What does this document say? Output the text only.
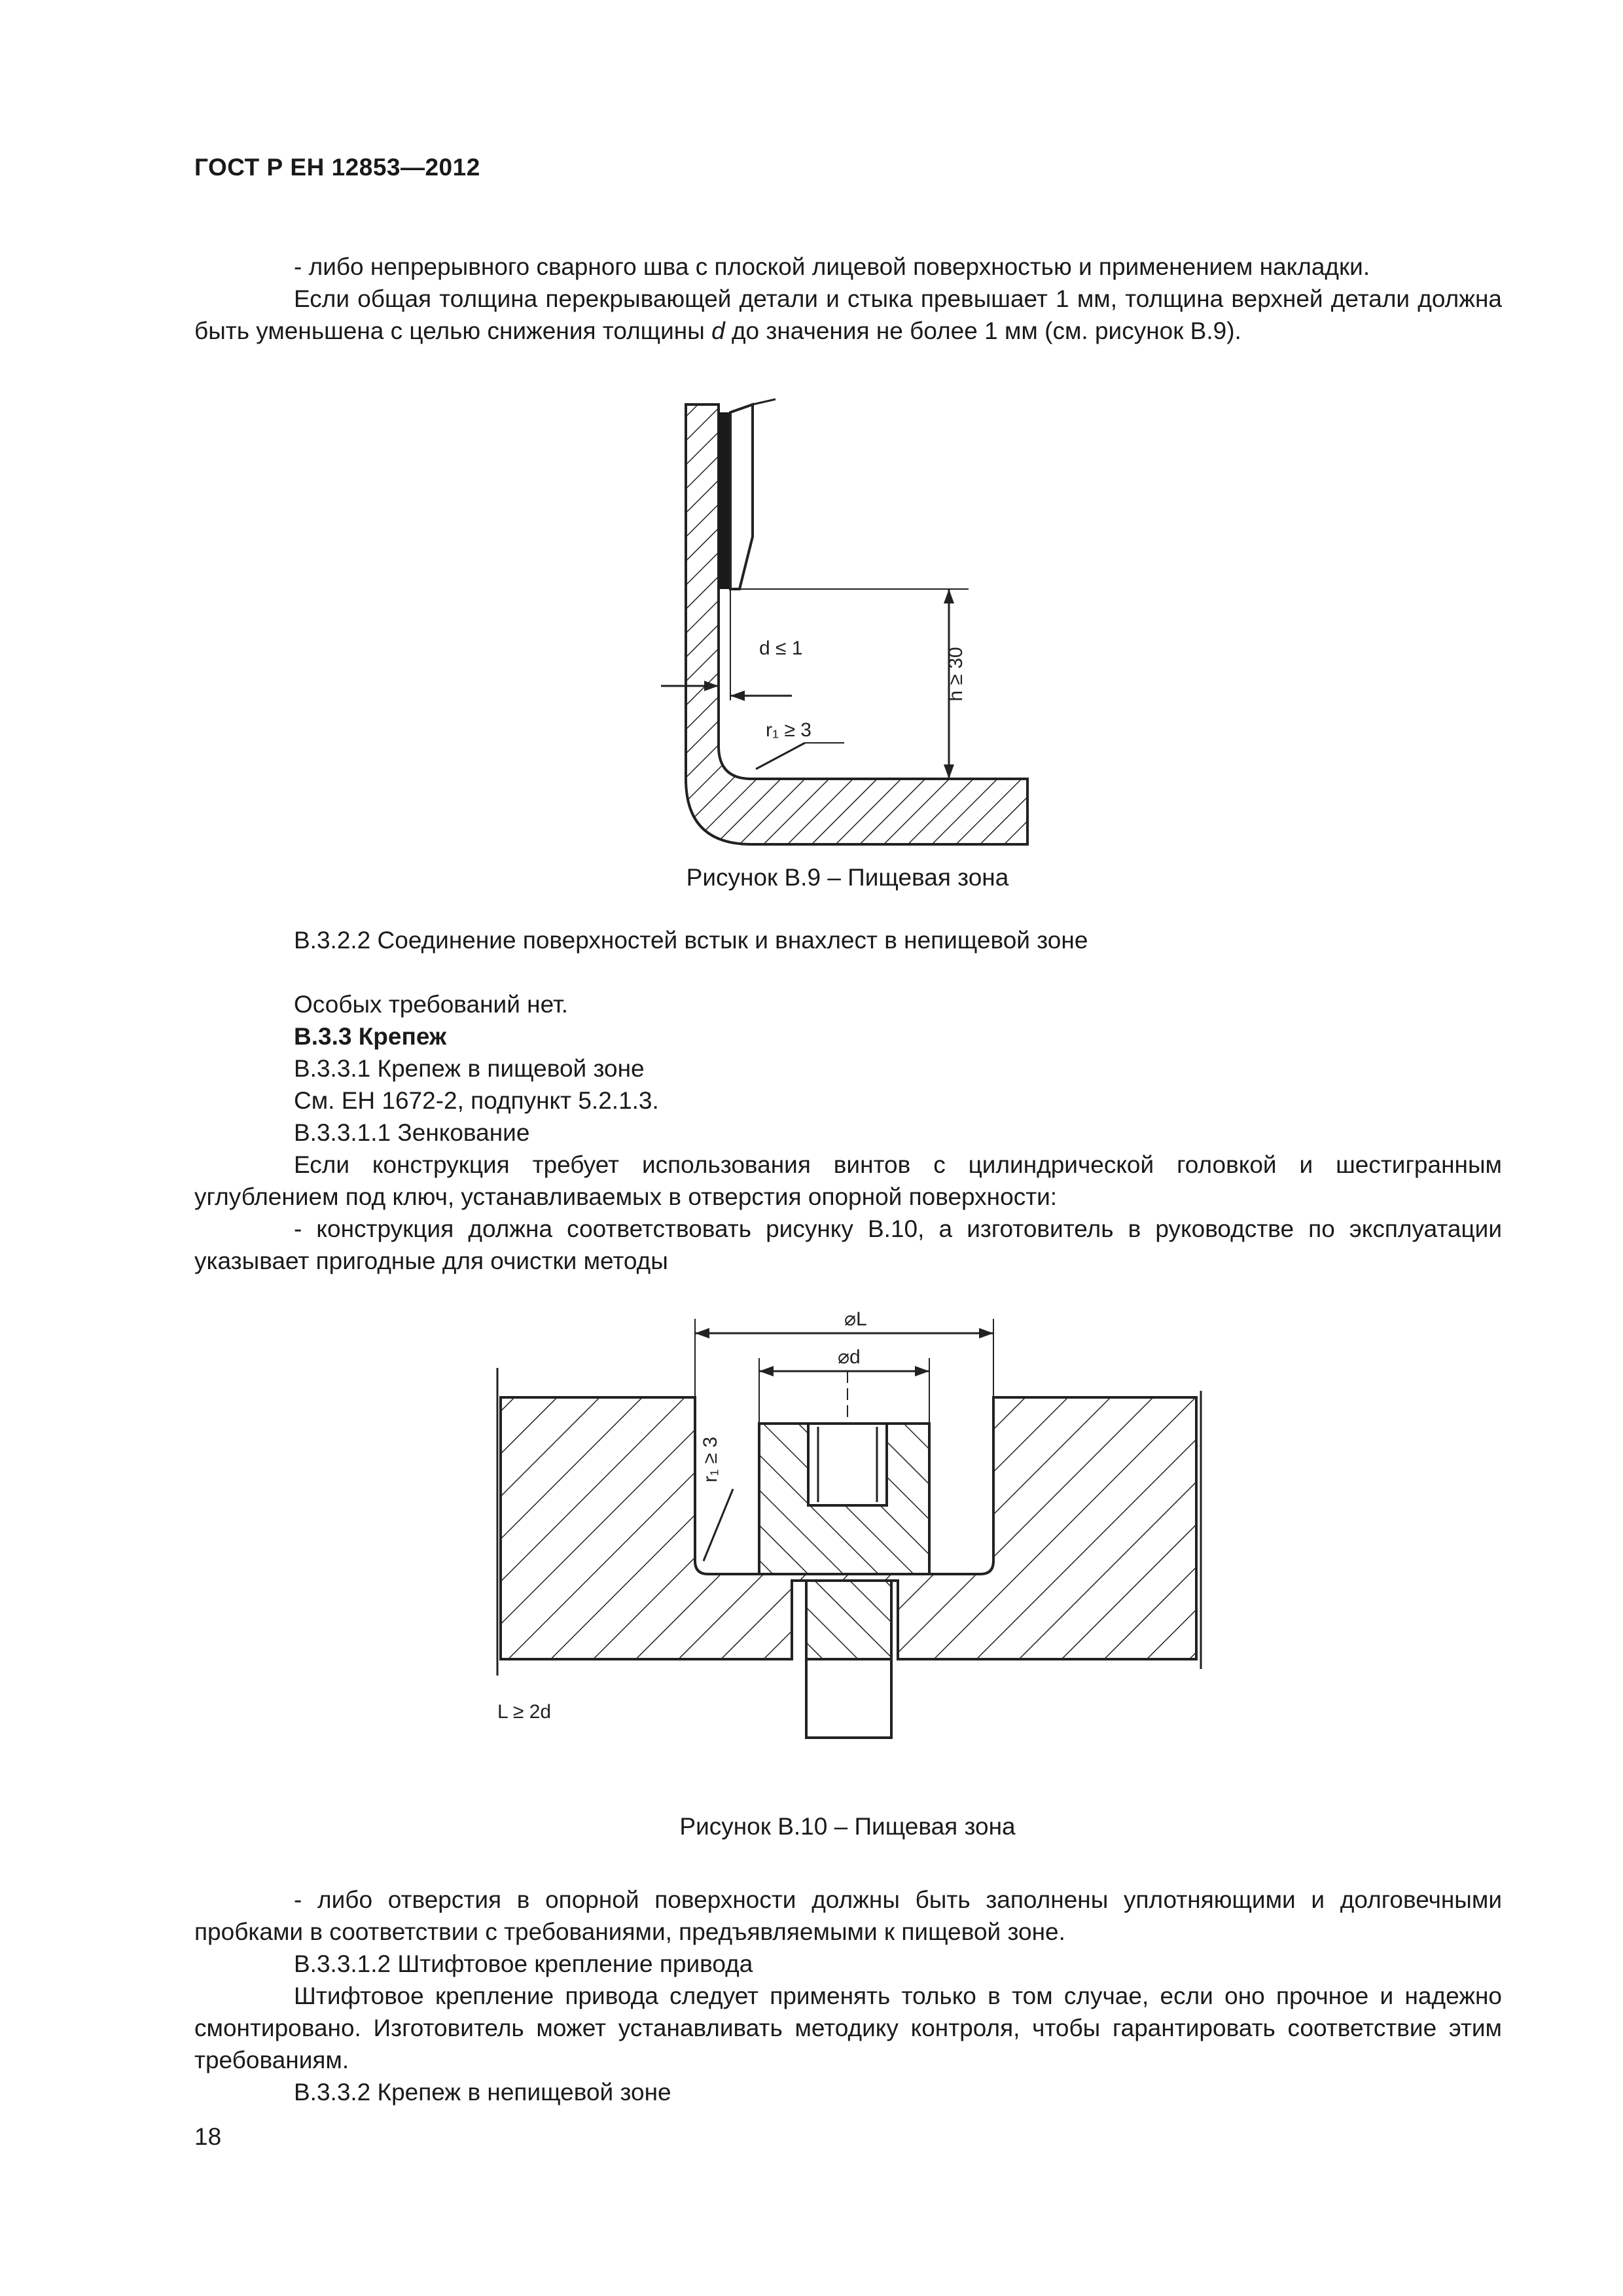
ГОСТ Р ЕН 12853—2012

- либо непрерывного сварного шва с плоской лицевой поверхностью и применением накладки.

Если общая толщина перекрывающей детали и стыка превышает 1 мм, толщина верхней детали должна быть уменьшена с целью снижения толщины d до значения не более 1 мм (см. рисунок В.9).

h ≥ 30
d ≤ 1
r₁ ≥ 3
Рисунок В.9 – Пищевая зона

В.3.2.2 Соединение поверхностей встык и внахлест в непищевой зоне

Особых требований нет.

В.3.3 Крепеж

В.3.3.1 Крепеж в пищевой зоне

См. ЕН 1672-2, подпункт 5.2.1.3.

В.3.3.1.1 Зенкование

Если конструкция требует использования винтов с цилиндрической головкой и шестигранным углублением под ключ, устанавливаемых в отверстия опорной поверхности:

- конструкция должна соответствовать рисунку В.10, а изготовитель в руководстве по эксплуатации указывает пригодные для очистки методы

⌀L
⌀d
r₁ ≥ 3
L ≥ 2d
Рисунок В.10 – Пищевая зона

- либо отверстия в опорной поверхности должны быть заполнены уплотняющими и долговечными пробками в соответствии с требованиями, предъявляемыми к пищевой зоне.

В.3.3.1.2 Штифтовое крепление привода

Штифтовое крепление привода следует применять только в том случае, если оно прочное и надежно смонтировано. Изготовитель может устанавливать методику контроля, чтобы гарантировать соответствие этим требованиям.

В.3.3.2 Крепеж в непищевой зоне

18
